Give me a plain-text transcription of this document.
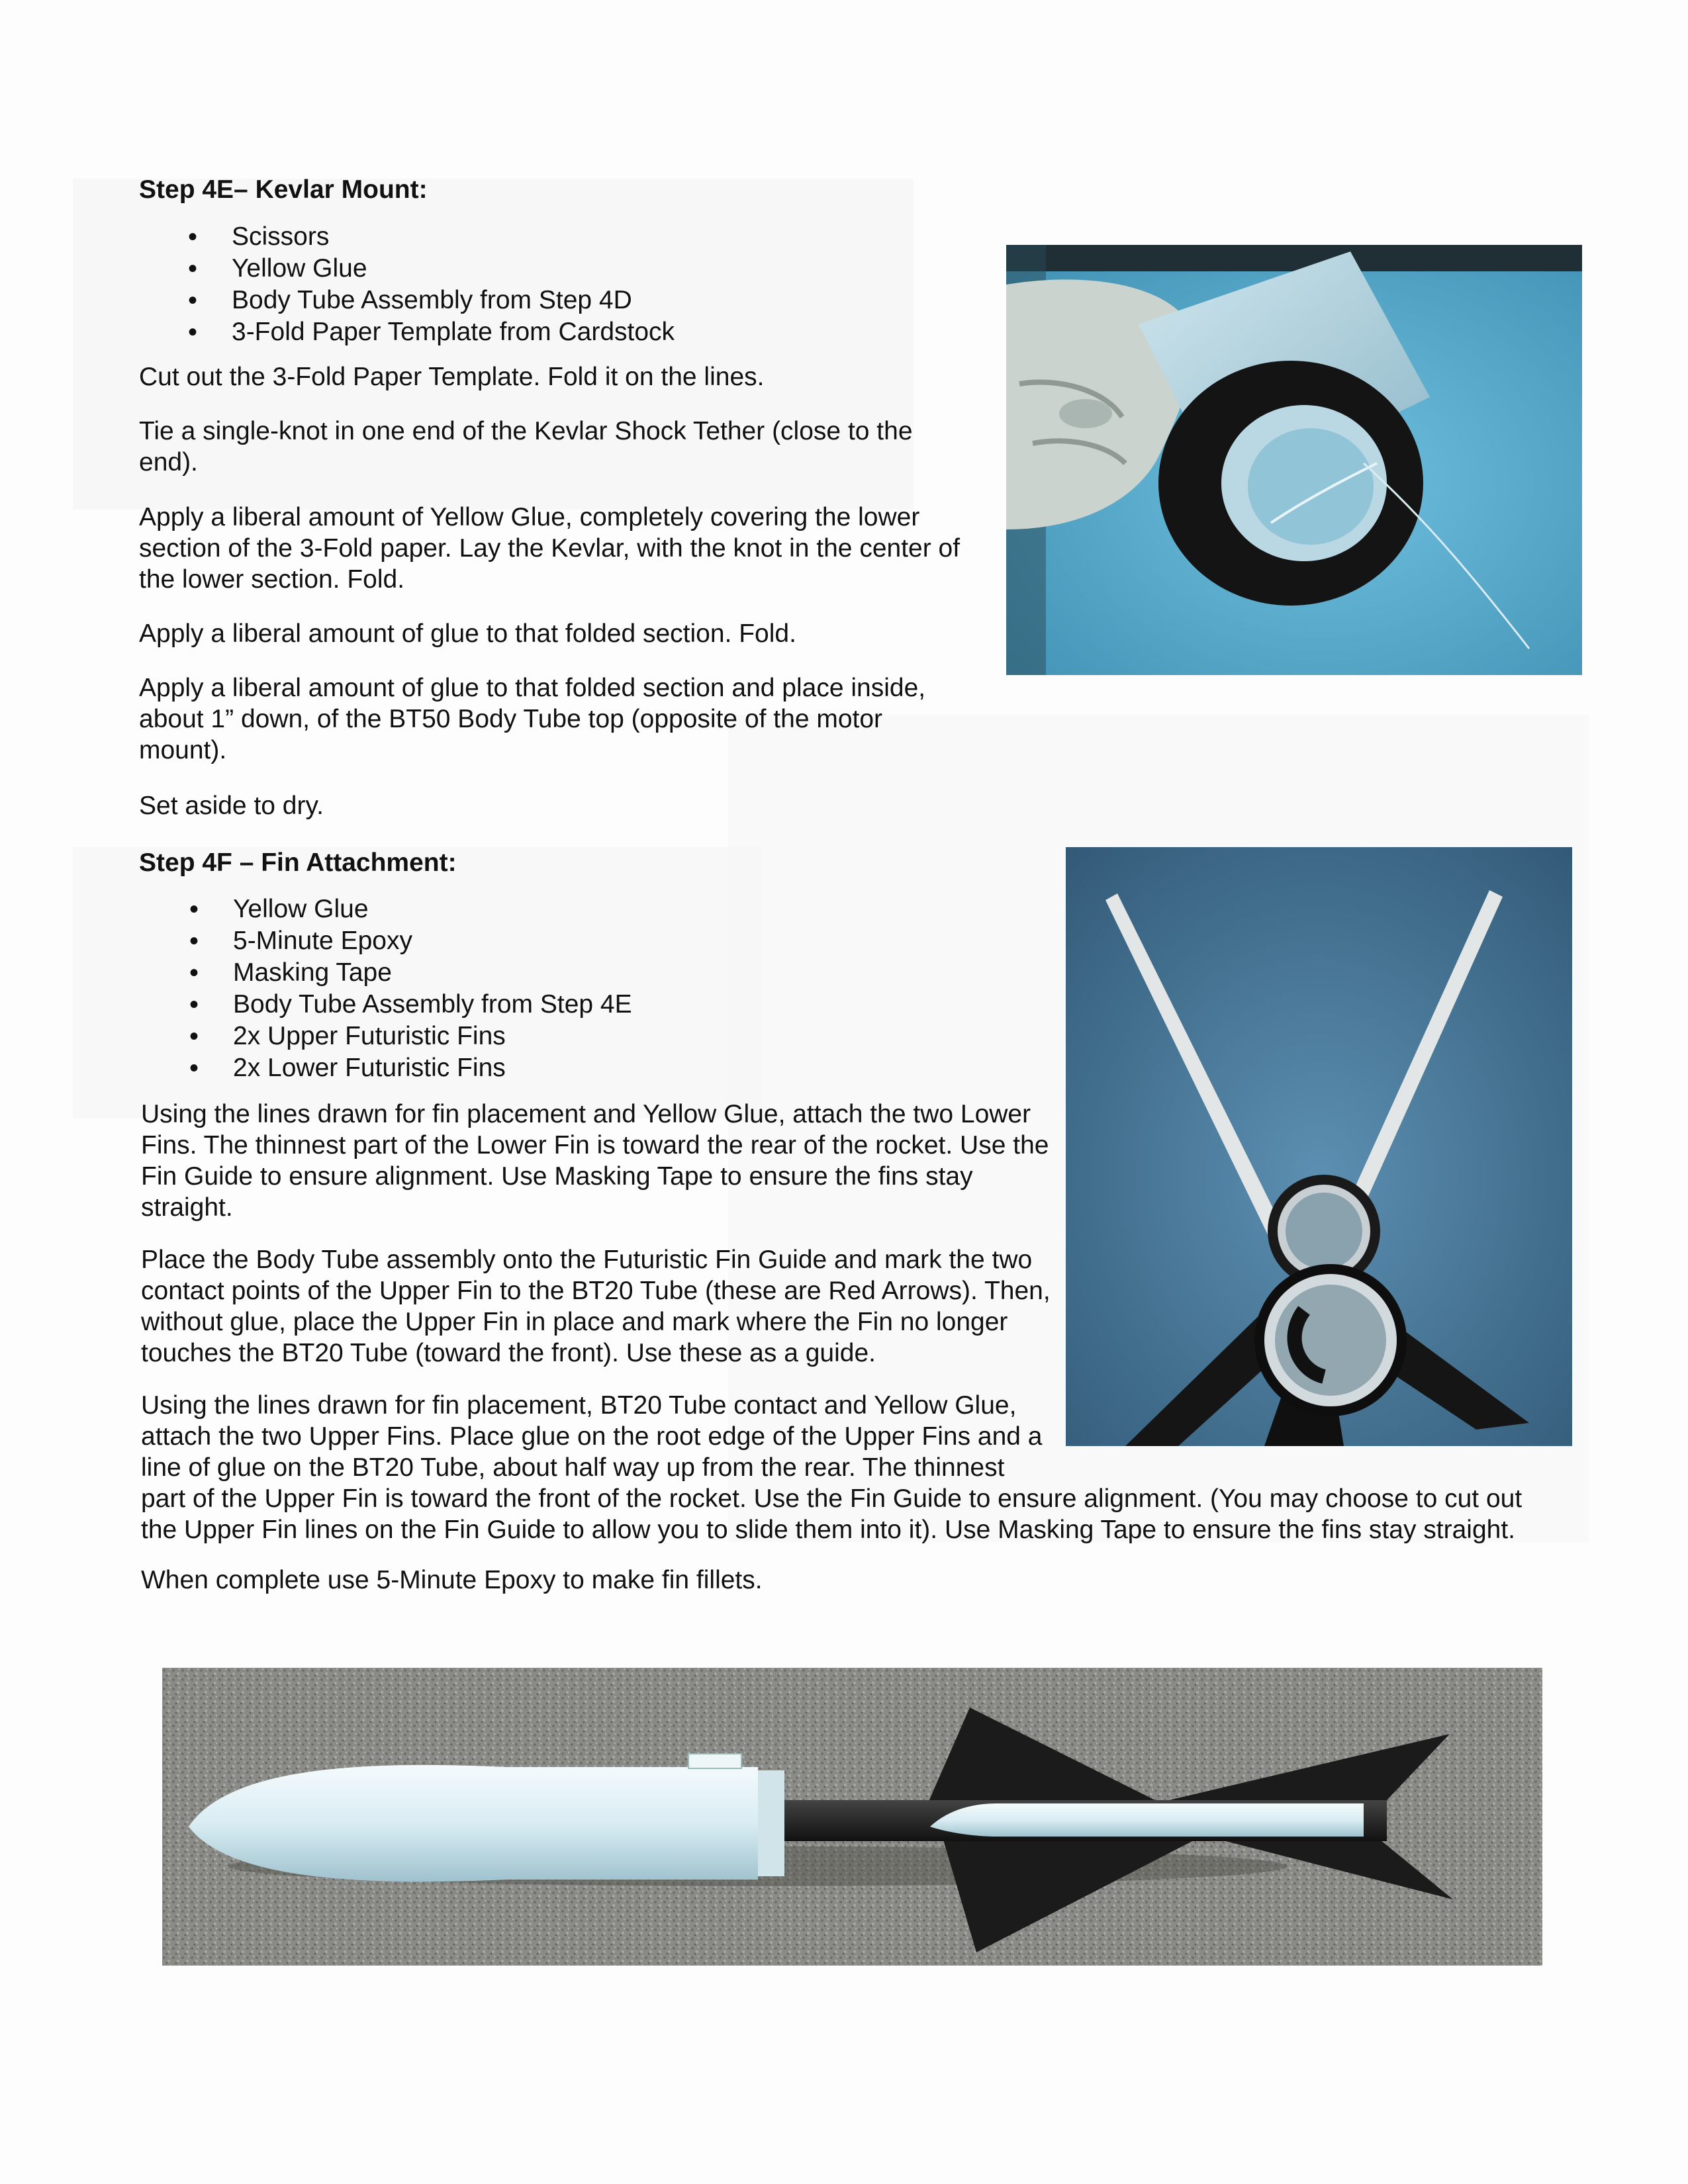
Step 4E– Kevlar Mount:
• Scissors
• Yellow Glue
• Body Tube Assembly from Step 4D
• 3-Fold Paper Template from Cardstock

Cut out the 3-Fold Paper Template. Fold it on the lines.

Tie a single-knot in one end of the Kevlar Shock Tether (close to the end).

Apply a liberal amount of Yellow Glue, completely covering the lower section of the 3-Fold paper. Lay the Kevlar, with the knot in the center of the lower section. Fold.

Apply a liberal amount of glue to that folded section. Fold.

Apply a liberal amount of glue to that folded section and place inside, about 1” down, of the BT50 Body Tube top (opposite of the motor mount).

Set aside to dry.

Step 4F – Fin Attachment:
• Yellow Glue
• 5-Minute Epoxy
• Masking Tape
• Body Tube Assembly from Step 4E
• 2x Upper Futuristic Fins
• 2x Lower Futuristic Fins

Using the lines drawn for fin placement and Yellow Glue, attach the two Lower Fins. The thinnest part of the Lower Fin is toward the rear of the rocket. Use the Fin Guide to ensure alignment. Use Masking Tape to ensure the fins stay straight.

Place the Body Tube assembly onto the Futuristic Fin Guide and mark the two contact points of the Upper Fin to the BT20 Tube (these are Red Arrows). Then, without glue, place the Upper Fin in place and mark where the Fin no longer touches the BT20 Tube (toward the front). Use these as a guide.

Using the lines drawn for fin placement, BT20 Tube contact and Yellow Glue, attach the two Upper Fins. Place glue on the root edge of the Upper Fins and a line of glue on the BT20 Tube, about half way up from the rear. The thinnest

part of the Upper Fin is toward the front of the rocket. Use the Fin Guide to ensure alignment. (You may choose to cut out the Upper Fin lines on the Fin Guide to allow you to slide them into it). Use Masking Tape to ensure the fins stay straight.

When complete use 5-Minute Epoxy to make fin fillets.
